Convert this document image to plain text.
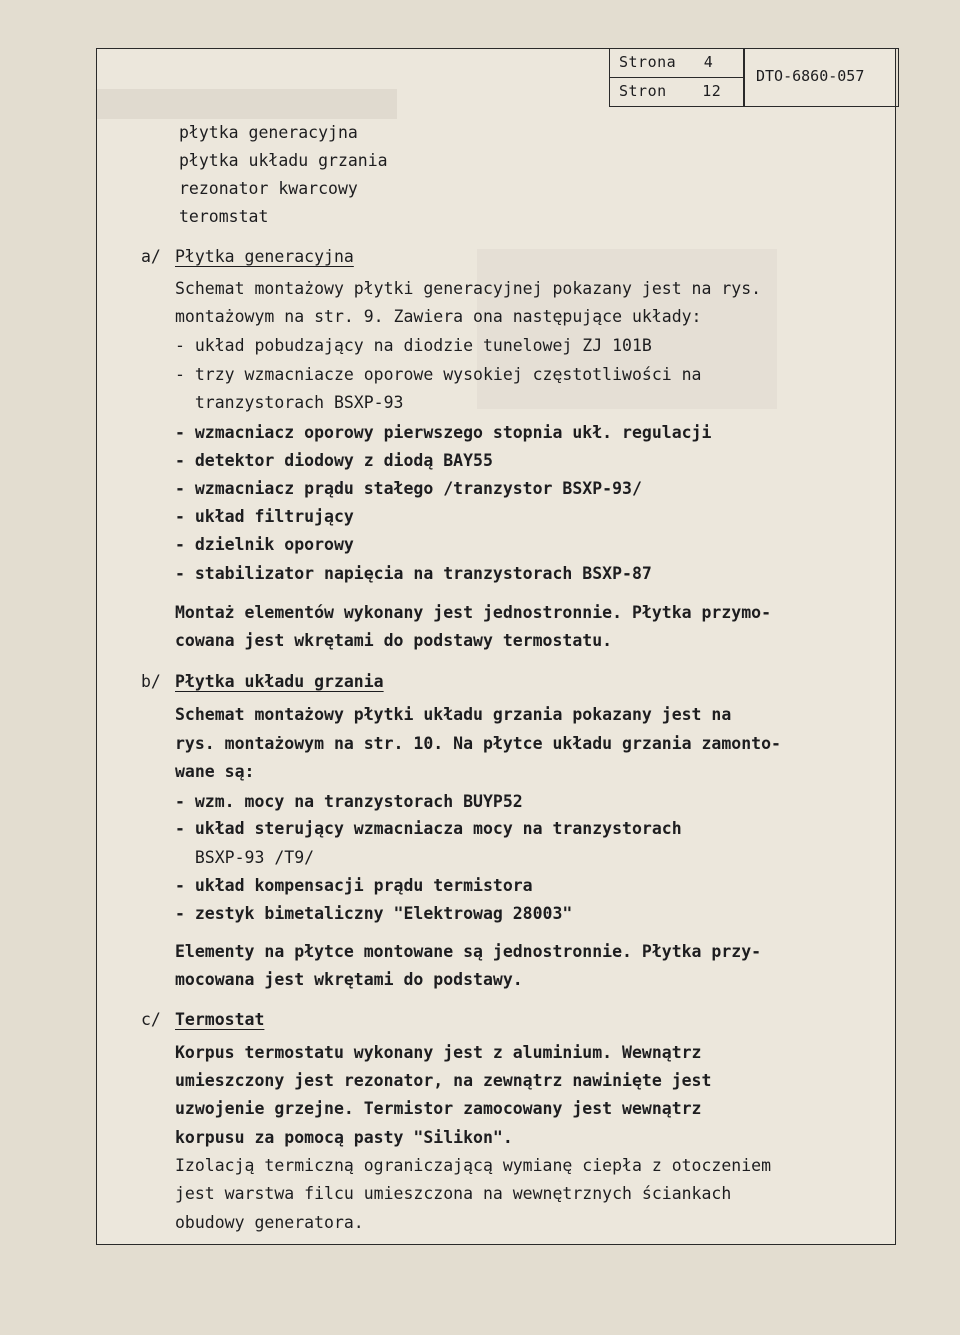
Strona 4
Stron 12
DTO-6860-057
płytka generacyjna
płytka układu grzania
rezonator kwarcowy
teromstat
a/ Płytka generacyjna
Schemat montażowy płytki generacyjnej pokazany jest na rys.
montażowym na str. 9. Zawiera ona następujące układy:
- układ pobudzający na diodzie tunelowej ZJ 101B
- trzy wzmacniacze oporowe wysokiej częstotliwości na
tranzystorach BSXP-93
- wzmacniacz oporowy pierwszego stopnia ukł. regulacji
- detektor diodowy z diodą BAY55
- wzmacniacz prądu stałego /tranzystor BSXP-93/
- układ filtrujący
- dzielnik oporowy
- stabilizator napięcia na tranzystorach BSXP-87
Montaż elementów wykonany jest jednostronnie. Płytka przymo-
cowana jest wkrętami do podstawy termostatu.
b/ Płytka układu grzania
Schemat montażowy płytki układu grzania pokazany jest na
rys. montażowym na str. 10. Na płytce układu grzania zamonto-
wane są:
- wzm. mocy na tranzystorach BUYP52
- układ sterujący wzmacniacza mocy na tranzystorach
BSXP-93 /T9/
- układ kompensacji prądu termistora
- zestyk bimetaliczny "Elektrowag 28003"
Elementy na płytce montowane są jednostronnie. Płytka przy-
mocowana jest wkrętami do podstawy.
c/ Termostat
Korpus termostatu wykonany jest z aluminium. Wewnątrz
umieszczony jest rezonator, na zewnątrz nawinięte jest
uzwojenie grzejne. Termistor zamocowany jest wewnątrz
korpusu za pomocą pasty "Silikon".
Izolacją termiczną ograniczającą wymianę ciepła z otoczeniem
jest warstwa filcu umieszczona na wewnętrznych ściankach
obudowy generatora.
